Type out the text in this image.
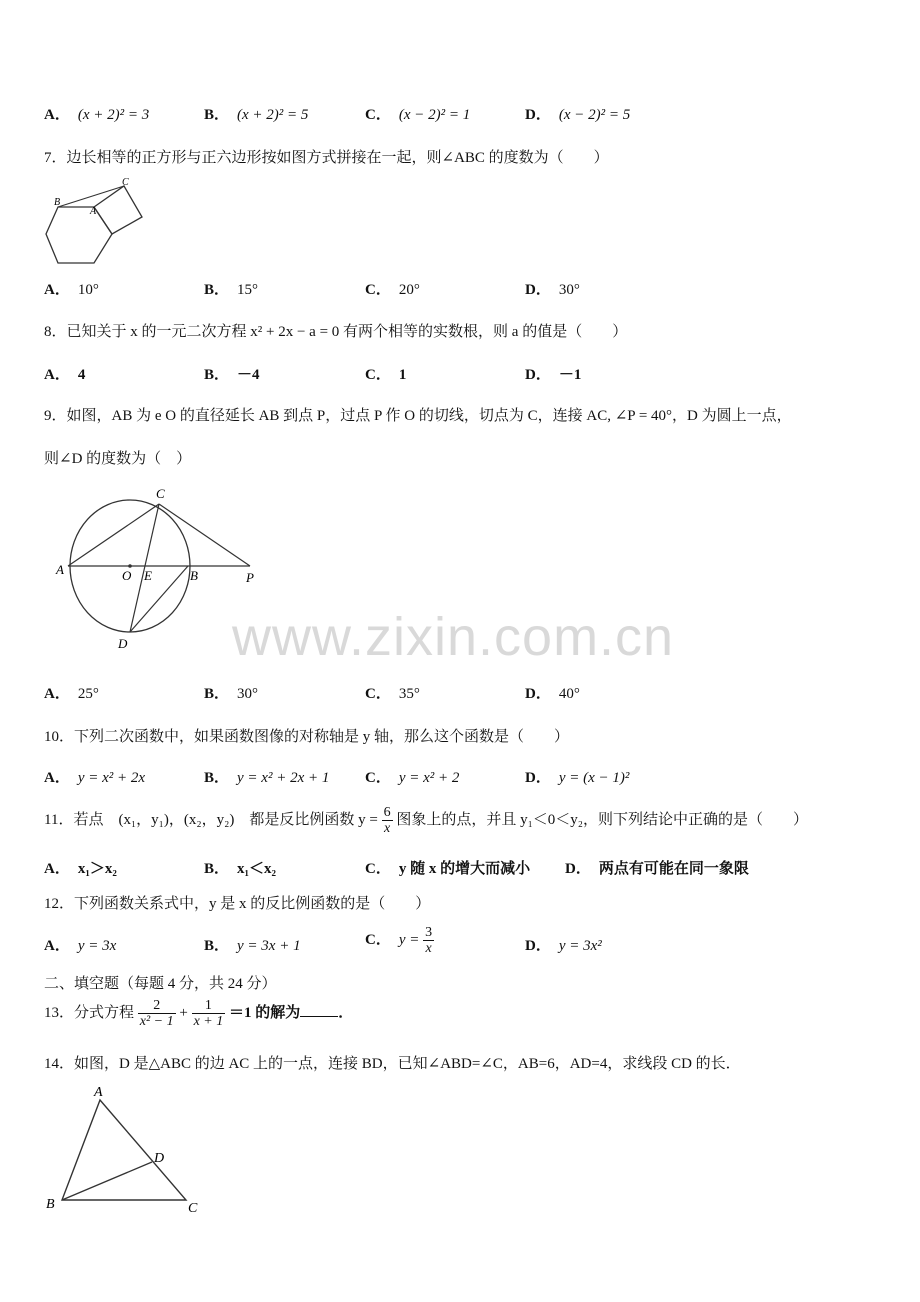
A． (x + 2)² = 3	B． (x + 2)² = 5	C． (x − 2)² = 1	D． (x − 2)² = 5
7．边长相等的正方形与正六边形按如图方式拼接在一起，则∠ABC 的度数为（　　）
B
A
C
A． 10°	B． 15°	C． 20°	D． 30°
8．已知关于 x 的一元二次方程 x² + 2x − a = 0 有两个相等的实数根，则 a 的值是（　　）
A． 4	B． －4	C． 1	D． －1
9．如图，AB 为 e O 的直径延长 AB 到点 P，过点 P 作 O 的切线，切点为 C，连接 AC, ∠P = 40°，D 为圆上一点，
则∠D 的度数为（　）
C
A	O E	B	P
D www.zixin.com.cn
A． 25°	B． 30°	C． 35°	D． 40°
10．下列二次函数中，如果函数图像的对称轴是 y 轴，那么这个函数是（　　）
A． y = x² + 2x	B． y = x² + 2x + 1 C． y = x² + 2	D． y = (x − 1)²
11．若点　(x₁，y₁)，(x₂，y₂)　都是反比例函数 $y = \frac{6}{x}$ 图象上的点，并且 y₁＜0＜y₂，则下列结论中正确的是（　　）
A． x₁＞x₂	B． x₁＜x₂	C． y 随 x 的增大而减小 D． 两点有可能在同一象限
12．下列函数关系式中，y 是 x 的反比例函数的是（　　）
A． y = 3x	B． y = 3x + 1	C． $y = \frac{3}{x}$	D． y = 3x²
二、填空题（每题 4 分，共 24 分）
13．分式方程 $\frac{2}{\text{x² − 1}} + \frac{1}{x + 1} =1$ 的解为	．
14．如图，D 是△ABC 的边 AC 上的一点，连接 BD，已知∠ABD=∠C，AB=6，AD=4，求线段 CD 的长．
A
D
B	C
